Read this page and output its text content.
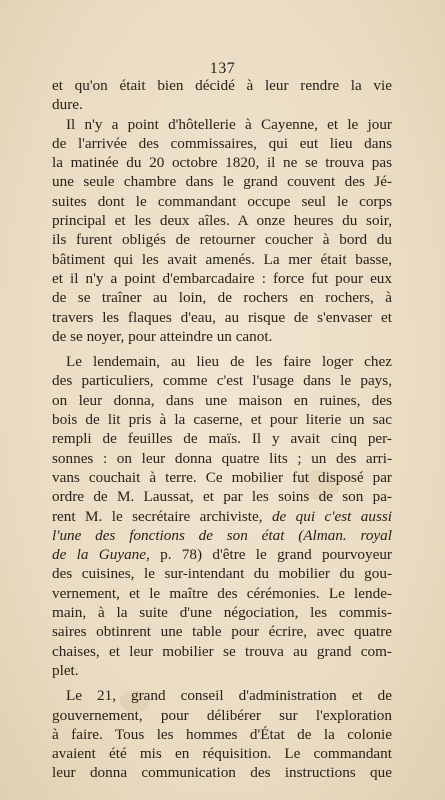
137
et qu'on était bien décidé à leur rendre la vie
dure.
Il n'y a point d'hôtellerie à Cayenne, et le jour
de l'arrivée des commissaires, qui eut lieu dans
la matinée du 20 octobre 1820, il ne se trouva pas
une seule chambre dans le grand couvent des Jé-
suites dont le commandant occupe seul le corps
principal et les deux aîles. A onze heures du soir,
ils furent obligés de retourner coucher à bord du
bâtiment qui les avait amenés. La mer était basse,
et il n'y a point d'embarcadaire : force fut pour eux
de se traîner au loin, de rochers en rochers, à
travers les flaques d'eau, au risque de s'envaser et
de se noyer, pour atteindre un canot.
Le lendemain, au lieu de les faire loger chez
des particuliers, comme c'est l'usage dans le pays,
on leur donna, dans une maison en ruines, des
bois de lit pris à la caserne, et pour literie un sac
rempli de feuilles de maïs. Il y avait cinq per-
sonnes : on leur donna quatre lits ; un des arri-
vans couchait à terre. Ce mobilier fut disposé par
ordre de M. Laussat, et par les soins de son pa-
rent M. le secrétaire archiviste, de qui c'est aussi
l'une des fonctions de son état (Alman. royal
de la Guyane, p. 78) d'être le grand pourvoyeur
des cuisines, le sur-intendant du mobilier du gou-
vernement, et le maître des cérémonies. Le lende-
main, à la suite d'une négociation, les commis-
saires obtinrent une table pour écrire, avec quatre
chaises, et leur mobilier se trouva au grand com-
plet.
Le 21, grand conseil d'administration et de
gouvernement, pour délibérer sur l'exploration
à faire. Tous les hommes d'État de la colonie
avaient été mis en réquisition. Le commandant
leur donna communication des instructions que
